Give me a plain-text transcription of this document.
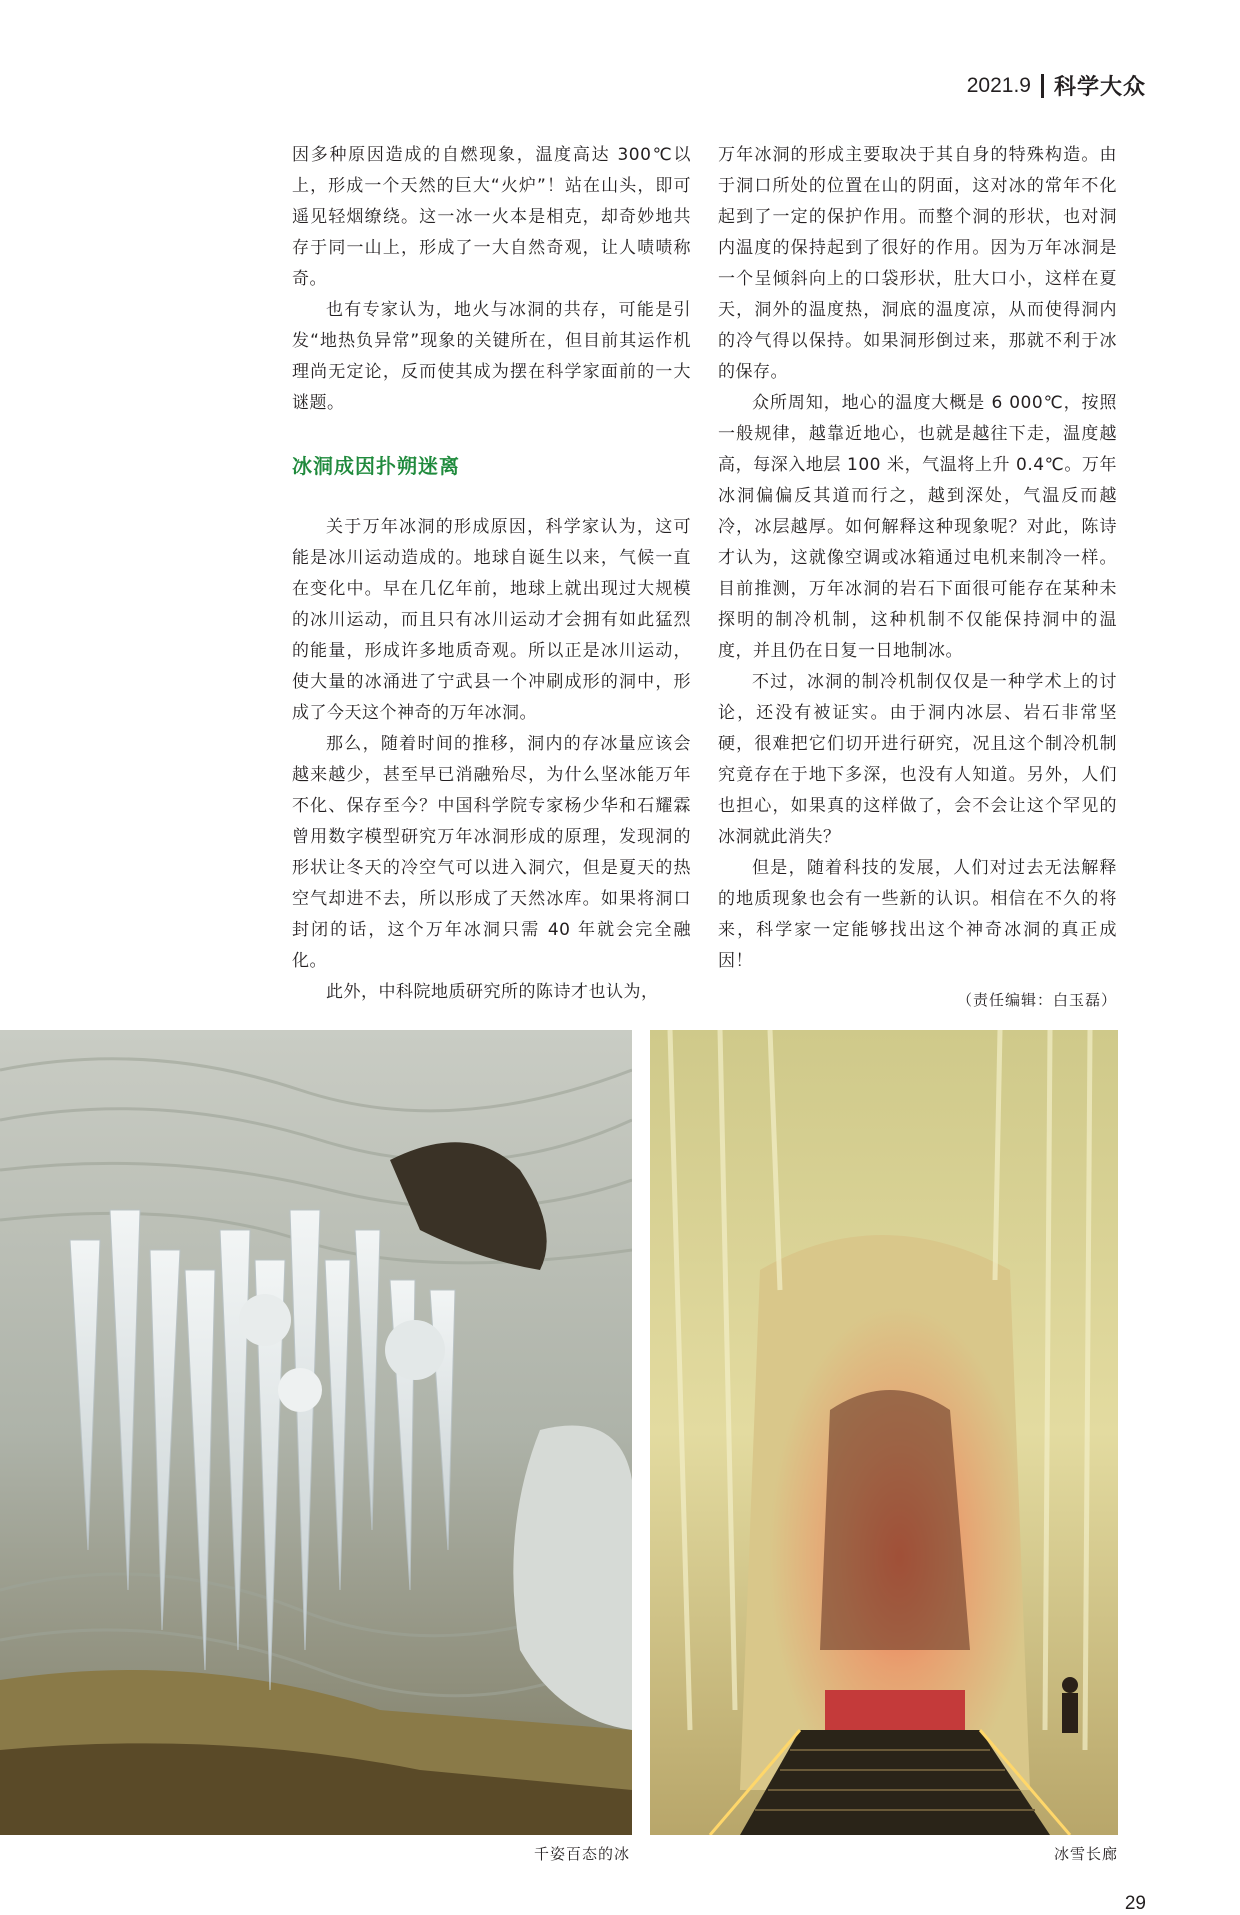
2021.9 科学大众

因多种原因造成的自燃现象，温度高达 300℃以上，形成一个天然的巨大“火炉”！站在山头，即可遥见轻烟缭绕。这一冰一火本是相克，却奇妙地共存于同一山上，形成了一大自然奇观，让人啧啧称奇。

也有专家认为，地火与冰洞的共存，可能是引发“地热负异常”现象的关键所在，但目前其运作机理尚无定论，反而使其成为摆在科学家面前的一大谜题。

冰洞成因扑朔迷离

关于万年冰洞的形成原因，科学家认为，这可能是冰川运动造成的。地球自诞生以来，气候一直在变化中。早在几亿年前，地球上就出现过大规模的冰川运动，而且只有冰川运动才会拥有如此猛烈的能量，形成许多地质奇观。所以正是冰川运动，使大量的冰涌进了宁武县一个冲刷成形的洞中，形成了今天这个神奇的万年冰洞。

那么，随着时间的推移，洞内的存冰量应该会越来越少，甚至早已消融殆尽，为什么坚冰能万年不化、保存至今？中国科学院专家杨少华和石耀霖曾用数字模型研究万年冰洞形成的原理，发现洞的形状让冬天的冷空气可以进入洞穴，但是夏天的热空气却进不去，所以形成了天然冰库。如果将洞口封闭的话，这个万年冰洞只需 40 年就会完全融化。

此外，中科院地质研究所的陈诗才也认为，

万年冰洞的形成主要取决于其自身的特殊构造。由于洞口所处的位置在山的阴面，这对冰的常年不化起到了一定的保护作用。而整个洞的形状，也对洞内温度的保持起到了很好的作用。因为万年冰洞是一个呈倾斜向上的口袋形状，肚大口小，这样在夏天，洞外的温度热，洞底的温度凉，从而使得洞内的冷气得以保持。如果洞形倒过来，那就不利于冰的保存。

众所周知，地心的温度大概是 6 000℃，按照一般规律，越靠近地心，也就是越往下走，温度越高，每深入地层 100 米，气温将上升 0.4℃。万年冰洞偏偏反其道而行之，越到深处，气温反而越冷，冰层越厚。如何解释这种现象呢？对此，陈诗才认为，这就像空调或冰箱通过电机来制冷一样。目前推测，万年冰洞的岩石下面很可能存在某种未探明的制冷机制，这种机制不仅能保持洞中的温度，并且仍在日复一日地制冰。

不过，冰洞的制冷机制仅仅是一种学术上的讨论，还没有被证实。由于洞内冰层、岩石非常坚硬，很难把它们切开进行研究，况且这个制冷机制究竟存在于地下多深，也没有人知道。另外，人们也担心，如果真的这样做了，会不会让这个罕见的冰洞就此消失？

但是，随着科技的发展，人们对过去无法解释的地质现象也会有一些新的认识。相信在不久的将来，科学家一定能够找出这个神奇冰洞的真正成因！

（责任编辑：白玉磊）

千姿百态的冰	冰雪长廊
29
